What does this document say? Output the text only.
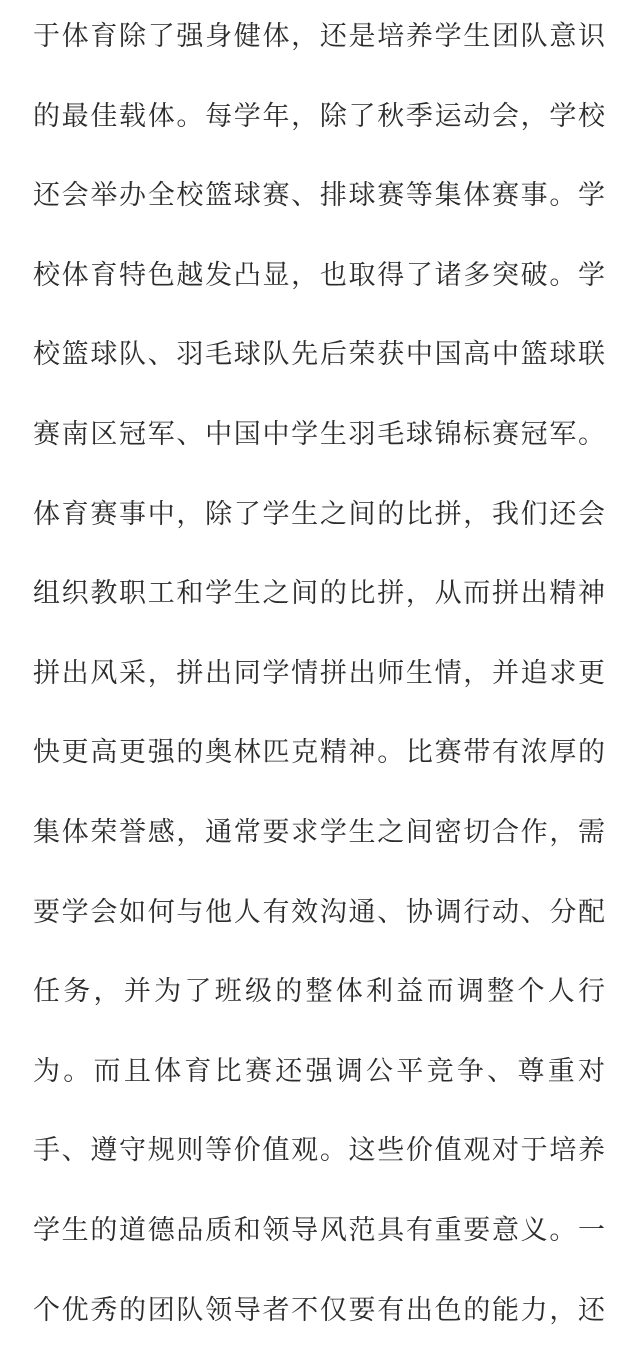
于体育除了强身健体，还是培养学生团队意识

的最佳载体。每学年，除了秋季运动会，学校

还会举办全校篮球赛、排球赛等集体赛事。学

校体育特色越发凸显，也取得了诸多突破。学

校篮球队、羽毛球队先后荣获中国高中篮球联

赛南区冠军、中国中学生羽毛球锦标赛冠军。

体育赛事中，除了学生之间的比拼，我们还会

组织教职工和学生之间的比拼，从而拼出精神

拼出风采，拼出同学情拼出师生情，并追求更

快更高更强的奥林匹克精神。比赛带有浓厚的

集体荣誉感，通常要求学生之间密切合作，需

要学会如何与他人有效沟通、协调行动、分配

任务，并为了班级的整体利益而调整个人行

为。而且体育比赛还强调公平竞争、尊重对

手、遵守规则等价值观。这些价值观对于培养

学生的道德品质和领导风范具有重要意义。一

个优秀的团队领导者不仅要有出色的能力，还
